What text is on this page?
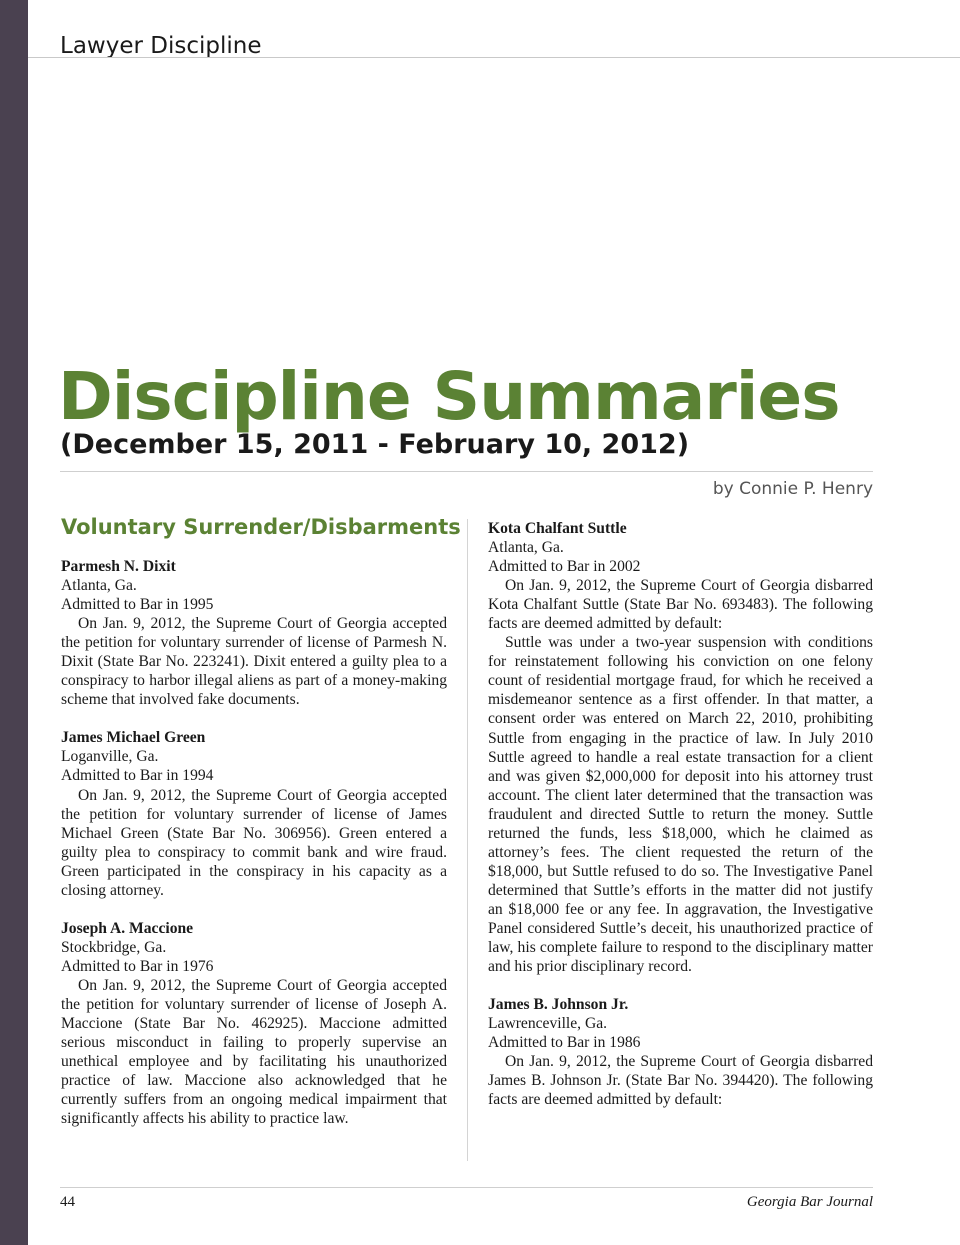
Lawyer Discipline
Discipline Summaries
(December 15, 2011 - February 10, 2012)
by Connie P. Henry
Voluntary Surrender/Disbarments
Parmesh N. Dixit
Atlanta, Ga.
Admitted to Bar in 1995

On Jan. 9, 2012, the Supreme Court of Georgia accepted the petition for voluntary surrender of license of Parmesh N. Dixit (State Bar No. 223241). Dixit entered a guilty plea to a conspiracy to harbor illegal aliens as part of a money-making scheme that involved fake documents.

James Michael Green
Loganville, Ga.
Admitted to Bar in 1994

On Jan. 9, 2012, the Supreme Court of Georgia accepted the petition for voluntary surrender of license of James Michael Green (State Bar No. 306956). Green entered a guilty plea to conspiracy to commit bank and wire fraud. Green participated in the conspiracy in his capacity as a closing attorney.

Joseph A. Maccione
Stockbridge, Ga.
Admitted to Bar in 1976

On Jan. 9, 2012, the Supreme Court of Georgia accepted the petition for voluntary surrender of license of Joseph A. Maccione (State Bar No. 462925). Maccione admitted serious misconduct in failing to properly supervise an unethical employee and by facilitating his unauthorized practice of law. Maccione also acknowledged that he currently suffers from an ongoing medical impairment that significantly affects his ability to practice law.

Kota Chalfant Suttle
Atlanta, Ga.
Admitted to Bar in 2002

On Jan. 9, 2012, the Supreme Court of Georgia disbarred Kota Chalfant Suttle (State Bar No. 693483). The following facts are deemed admitted by default:

Suttle was under a two-year suspension with conditions for reinstatement following his conviction on one felony count of residential mortgage fraud, for which he received a misdemeanor sentence as a first offender. In that matter, a consent order was entered on March 22, 2010, prohibiting Suttle from engaging in the practice of law. In July 2010 Suttle agreed to handle a real estate transaction for a client and was given $2,000,000 for deposit into his attorney trust account. The client later determined that the transaction was fraudulent and directed Suttle to return the money. Suttle returned the funds, less $18,000, which he claimed as attorney’s fees. The client requested the return of the $18,000, but Suttle refused to do so. The Investigative Panel determined that Suttle’s efforts in the matter did not justify an $18,000 fee or any fee. In aggravation, the Investigative Panel considered Suttle’s deceit, his unauthorized practice of law, his complete failure to respond to the disciplinary matter and his prior disciplinary record.

James B. Johnson Jr.
Lawrenceville, Ga.
Admitted to Bar in 1986

On Jan. 9, 2012, the Supreme Court of Georgia disbarred James B. Johnson Jr. (State Bar No. 394420). The following facts are deemed admitted by default:

44	Georgia Bar Journal
